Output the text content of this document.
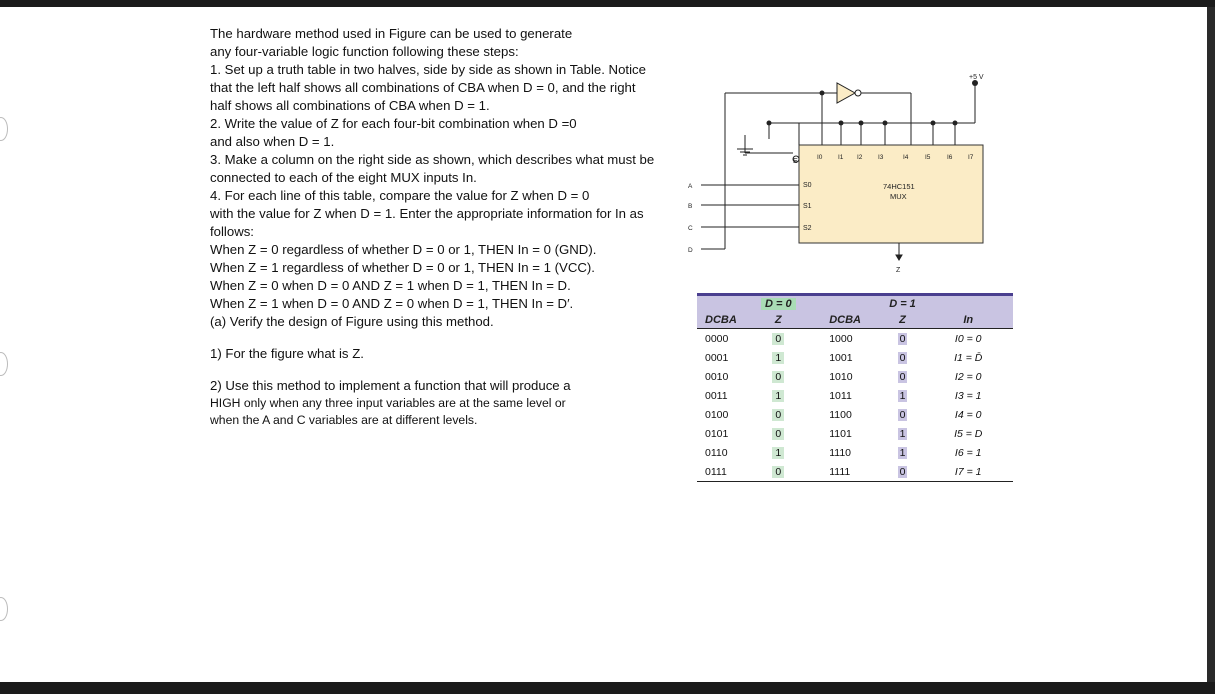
The hardware method used in Figure can be used to generate

any four-variable logic function following these steps:

1. Set up a truth table in two halves, side by side as shown in Table. Notice

that the left half shows all combinations of CBA when D = 0, and the right

half shows all combinations of CBA when D = 1.

2. Write the value of Z for each four-bit combination when D =0

and also when D = 1.

3. Make a column on the right side as shown, which describes what must be

connected to each of the eight MUX inputs In.

4. For each line of this table, compare the value for Z when D = 0

with the value for Z when D = 1. Enter the appropriate information for In as

follows:

When Z = 0 regardless of whether D = 0 or 1, THEN In = 0 (GND).

When Z = 1 regardless of whether D = 0 or 1, THEN In = 1 (VCC).

When Z = 0 when D = 0 AND Z = 1 when D = 1, THEN In = D.

When Z = 1 when D = 0 AND Z = 0 when D = 1, THEN In = D′.

(a) Verify the design of Figure using this method.

1) For the figure what is Z.

2) Use this method to implement a function that will produce a

HIGH only when any three input variables are at the same level or

when the A and C variables are at different levels.

+5 V
74HC151
MUX
E
S0
S1
S2
I0 I1 I2 I3	I4	I5	I6 I7
A
B
C
D
Z
	D = 0		D = 1	
DCBA	Z	DCBA	Z	In
0000	0	1000	0	I0 = 0
0001	1	1001	0	I1 = D̄
0010	0	1010	0	I2 = 0
0011	1	1011	1	I3 = 1
0100	0	1100	0	I4 = 0
0101	0	1101	1	I5 = D
0110	1	1110	1	I6 = 1
0111	0	1111	0	I7 = 1
